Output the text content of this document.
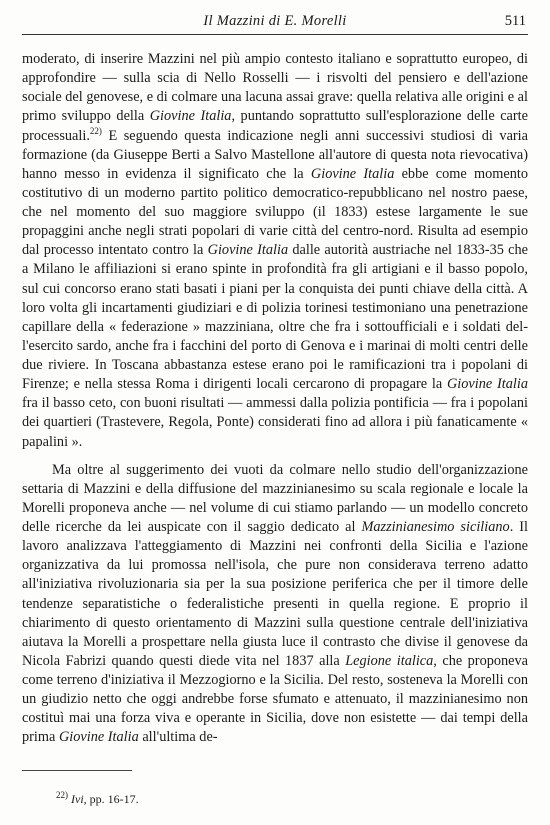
Il Mazzini di E. Morelli	511

moderato, di inserire Mazzini nel più ampio contesto italiano e soprattutto europeo, di approfondire — sulla scia di Nello Rosselli — i risvolti del pensiero e dell'azione sociale del genovese, e di colmare una lacuna assai grave: quella relativa alle origini e al primo sviluppo della Giovine Italia, puntando soprattutto sull'esplorazione delle carte processuali.$^{22)}$ E seguendo questa indicazione negli anni successivi studiosi di varia formazione (da Giuseppe Berti a Salvo Mastellone all'autore di questa nota rievocativa) hanno messo in evidenza il significato che la Giovine Italia ebbe come momento costitutivo di un moderno partito politico democratico-repubblicano nel nostro paese, che nel momento del suo maggiore sviluppo (il 1833) estese largamente le sue propaggini anche negli strati popolari di varie città del centro-nord. Risulta ad esempio dal processo intentato contro la Giovine Italia dalle autorità austriache nel 1833-35 che a Milano le affiliazioni si erano spinte in profondità fra gli artigiani e il basso popolo, sul cui concorso erano stati basati i piani per la conquista dei punti chiave della città. A loro volta gli incartamenti giudiziari e di polizia torinesi testimoniano una penetrazione capillare della « federazione » mazziniana, oltre che fra i sottoufficiali e i soldati dell'esercito sardo, anche fra i facchini del porto di Genova e i marinai di molti centri delle due riviere. In Toscana abbastanza estese erano poi le ramificazioni tra i popolani di Firenze; e nella stessa Roma i dirigenti locali cercarono di propagare la Giovine Italia fra il basso ceto, con buoni risultati — ammessi dalla polizia pontificia — fra i popolani dei quartieri (Trastevere, Regola, Ponte) considerati fino ad allora i più fanaticamente « papalini ».

Ma oltre al suggerimento dei vuoti da colmare nello studio dell'organizzazione settaria di Mazzini e della diffusione del mazzinianesimo su scala regionale e locale la Morelli proponeva anche — nel volume di cui stiamo parlando — un modello concreto delle ricerche da lei auspicate con il saggio dedicato al Mazzinianesimo siciliano. Il lavoro analizzava l'atteggiamento di Mazzini nei confronti della Sicilia e l'azione organizzativa da lui promossa nell'isola, che pure non considerava terreno adatto all'iniziativa rivoluzionaria sia per la sua posizione periferica che per il timore delle tendenze separatistiche o federalistiche presenti in quella regione. E proprio il chiarimento di questo orientamento di Mazzini sulla questione centrale dell'iniziativa aiutava la Morelli a prospettare nella giusta luce il contrasto che divise il genovese da Nicola Fabrizi quando questi diede vita nel 1837 alla Legione italica, che proponeva come terreno d'iniziativa il Mezzogiorno e la Sicilia. Del resto, sosteneva la Morelli con un giudizio netto che oggi andrebbe forse sfumato e attenuato, il mazzinianesimo non costituì mai una forza viva e operante in Sicilia, dove non esistette — dai tempi della prima Giovine Italia all'ultima de-

$^{22)}$ Ivi, pp. 16-17.
